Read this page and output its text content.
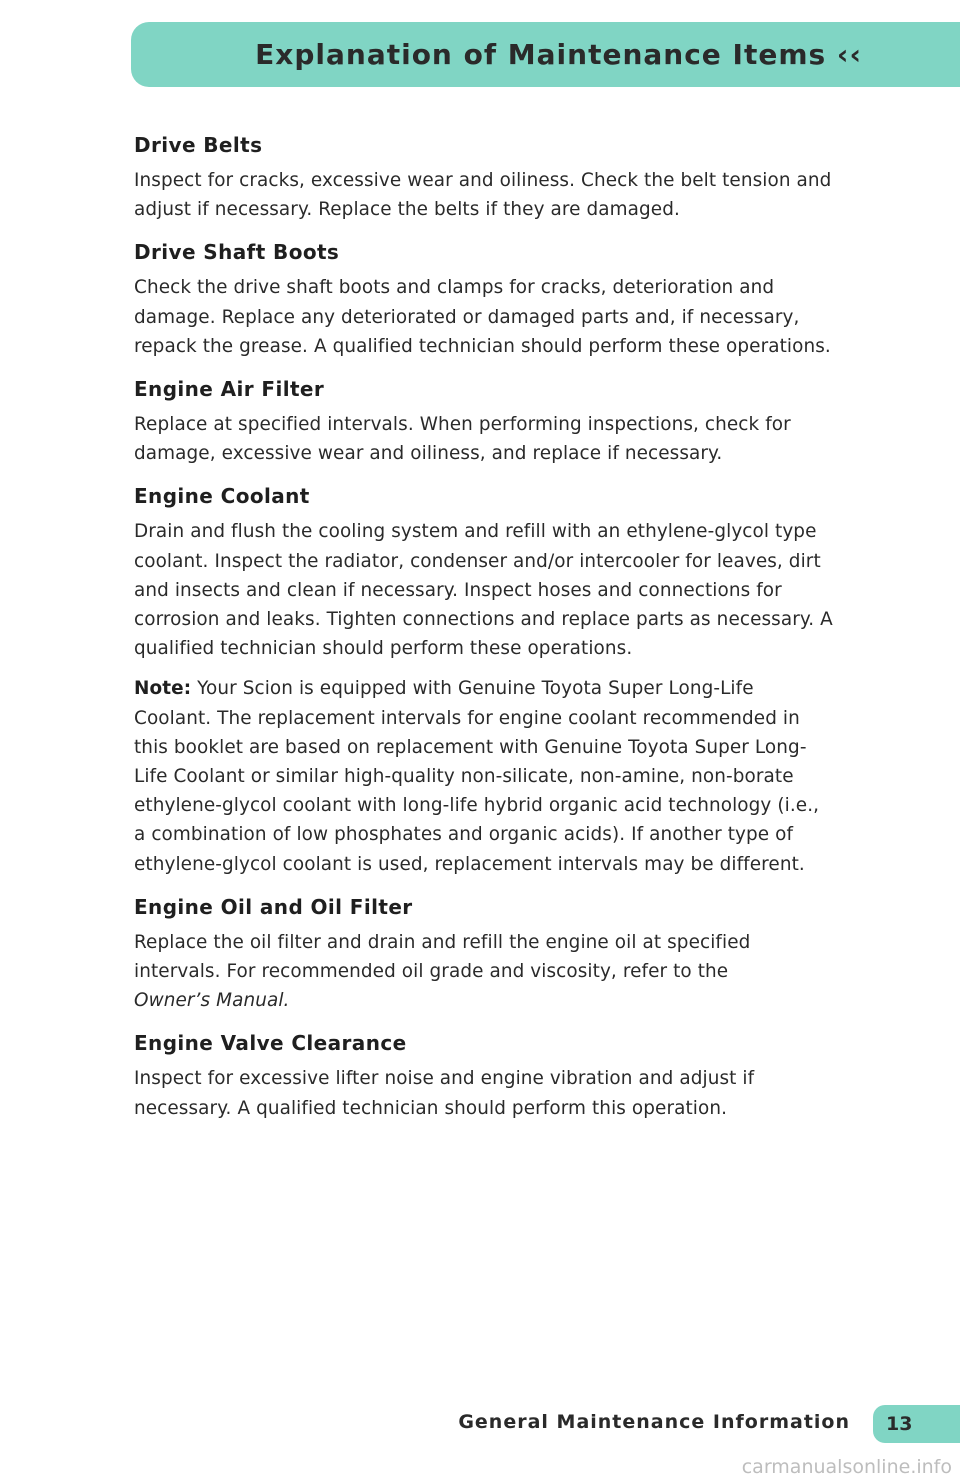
Explanation of Maintenance Items ‹‹
Drive Belts

Inspect for cracks, excessive wear and oiliness. Check the belt tension and adjust if necessary. Replace the belts if they are damaged.

Drive Shaft Boots

Check the drive shaft boots and clamps for cracks, deterioration and damage. Replace any deteriorated or damaged parts and, if necessary, repack the grease. A qualified technician should perform these operations.

Engine Air Filter

Replace at specified intervals. When performing inspections, check for damage, excessive wear and oiliness, and replace if necessary.

Engine Coolant

Drain and flush the cooling system and refill with an ethylene-glycol type coolant. Inspect the radiator, condenser and/or intercooler for leaves, dirt and insects and clean if necessary. Inspect hoses and connections for corrosion and leaks. Tighten connections and replace parts as necessary. A qualified technician should perform these operations.

Note: Your Scion is equipped with Genuine Toyota Super Long-Life Coolant. The replacement intervals for engine coolant recommended in this booklet are based on replacement with Genuine Toyota Super Long-Life Coolant or similar high-quality non-silicate, non-amine, non-borate ethylene-glycol coolant with long-life hybrid organic acid technology (i.e., a combination of low phosphates and organic acids). If another type of ethylene-glycol coolant is used, replacement intervals may be different.

Engine Oil and Oil Filter

Replace the oil filter and drain and refill the engine oil at specified intervals. For recommended oil grade and viscosity, refer to the
Owner’s Manual.

Engine Valve Clearance

Inspect for excessive lifter noise and engine vibration and adjust if necessary. A qualified technician should perform this operation.

General Maintenance Information 13
carmanualsonline.info
